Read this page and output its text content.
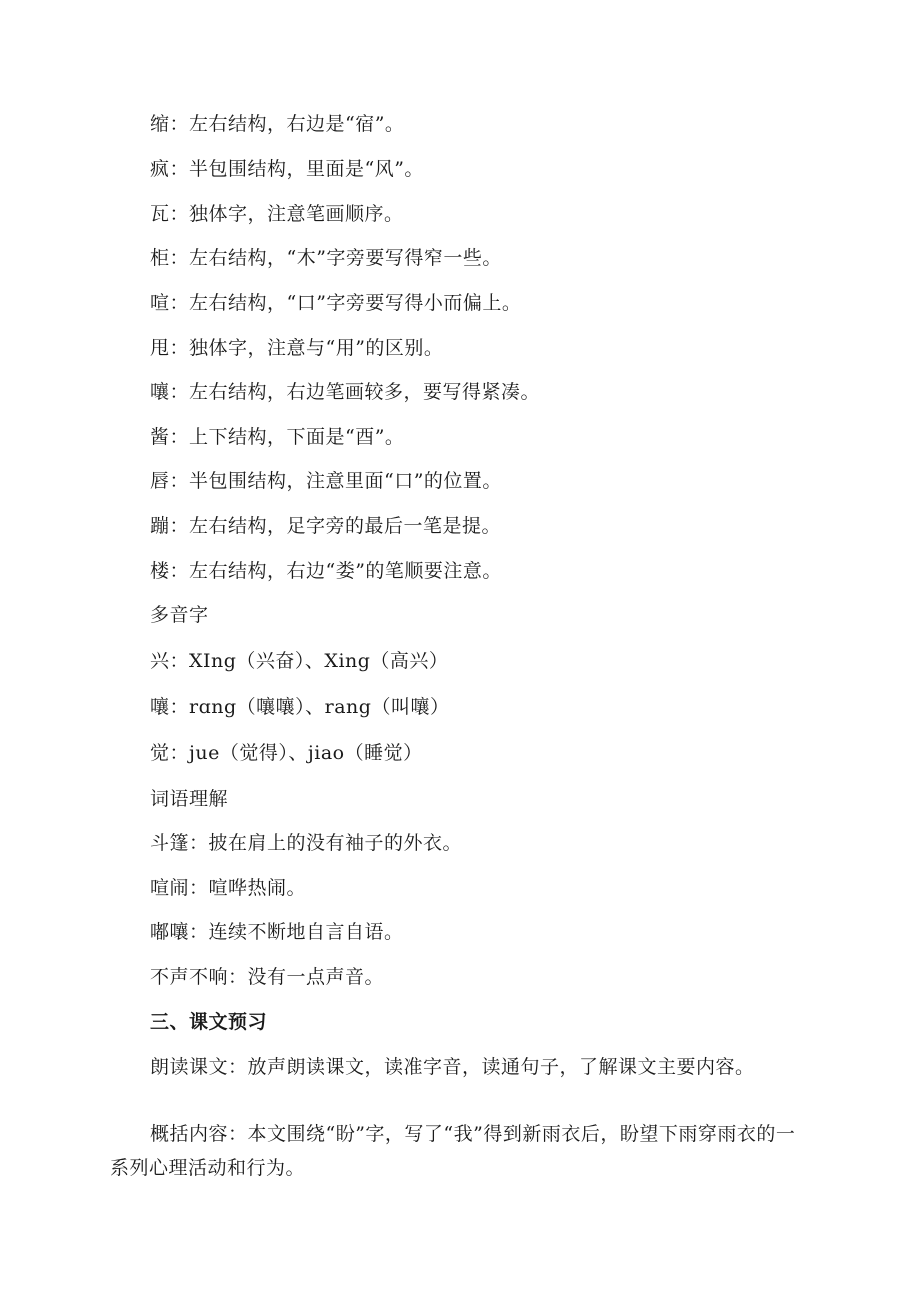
缩：左右结构，右边是“宿”。
疯：半包围结构，里面是“风”。
瓦：独体字，注意笔画顺序。
柜：左右结构，“木”字旁要写得窄一些。
喧：左右结构，“口”字旁要写得小而偏上。
甩：独体字，注意与“用”的区别。
嚷：左右结构，右边笔画较多，要写得紧凑。
酱：上下结构，下面是“酉”。
唇：半包围结构，注意里面“口”的位置。
蹦：左右结构，足字旁的最后一笔是提。
楼：左右结构，右边“娄”的笔顺要注意。
多音字
兴：XIng（兴奋）、Xing（高兴）
嚷：rɑng（嚷嚷）、rang（叫嚷）
觉：jue（觉得）、jiao（睡觉）
词语理解
斗篷：披在肩上的没有袖子的外衣。
喧闹：喧哗热闹。
嘟嚷：连续不断地自言自语。
不声不响：没有一点声音。
三、课文预习
朗读课文：放声朗读课文，读准字音，读通句子，了解课文主要内容。
概括内容：本文围绕“盼”字，写了“我”得到新雨衣后，盼望下雨穿雨衣的一系列心理活动和行为。
